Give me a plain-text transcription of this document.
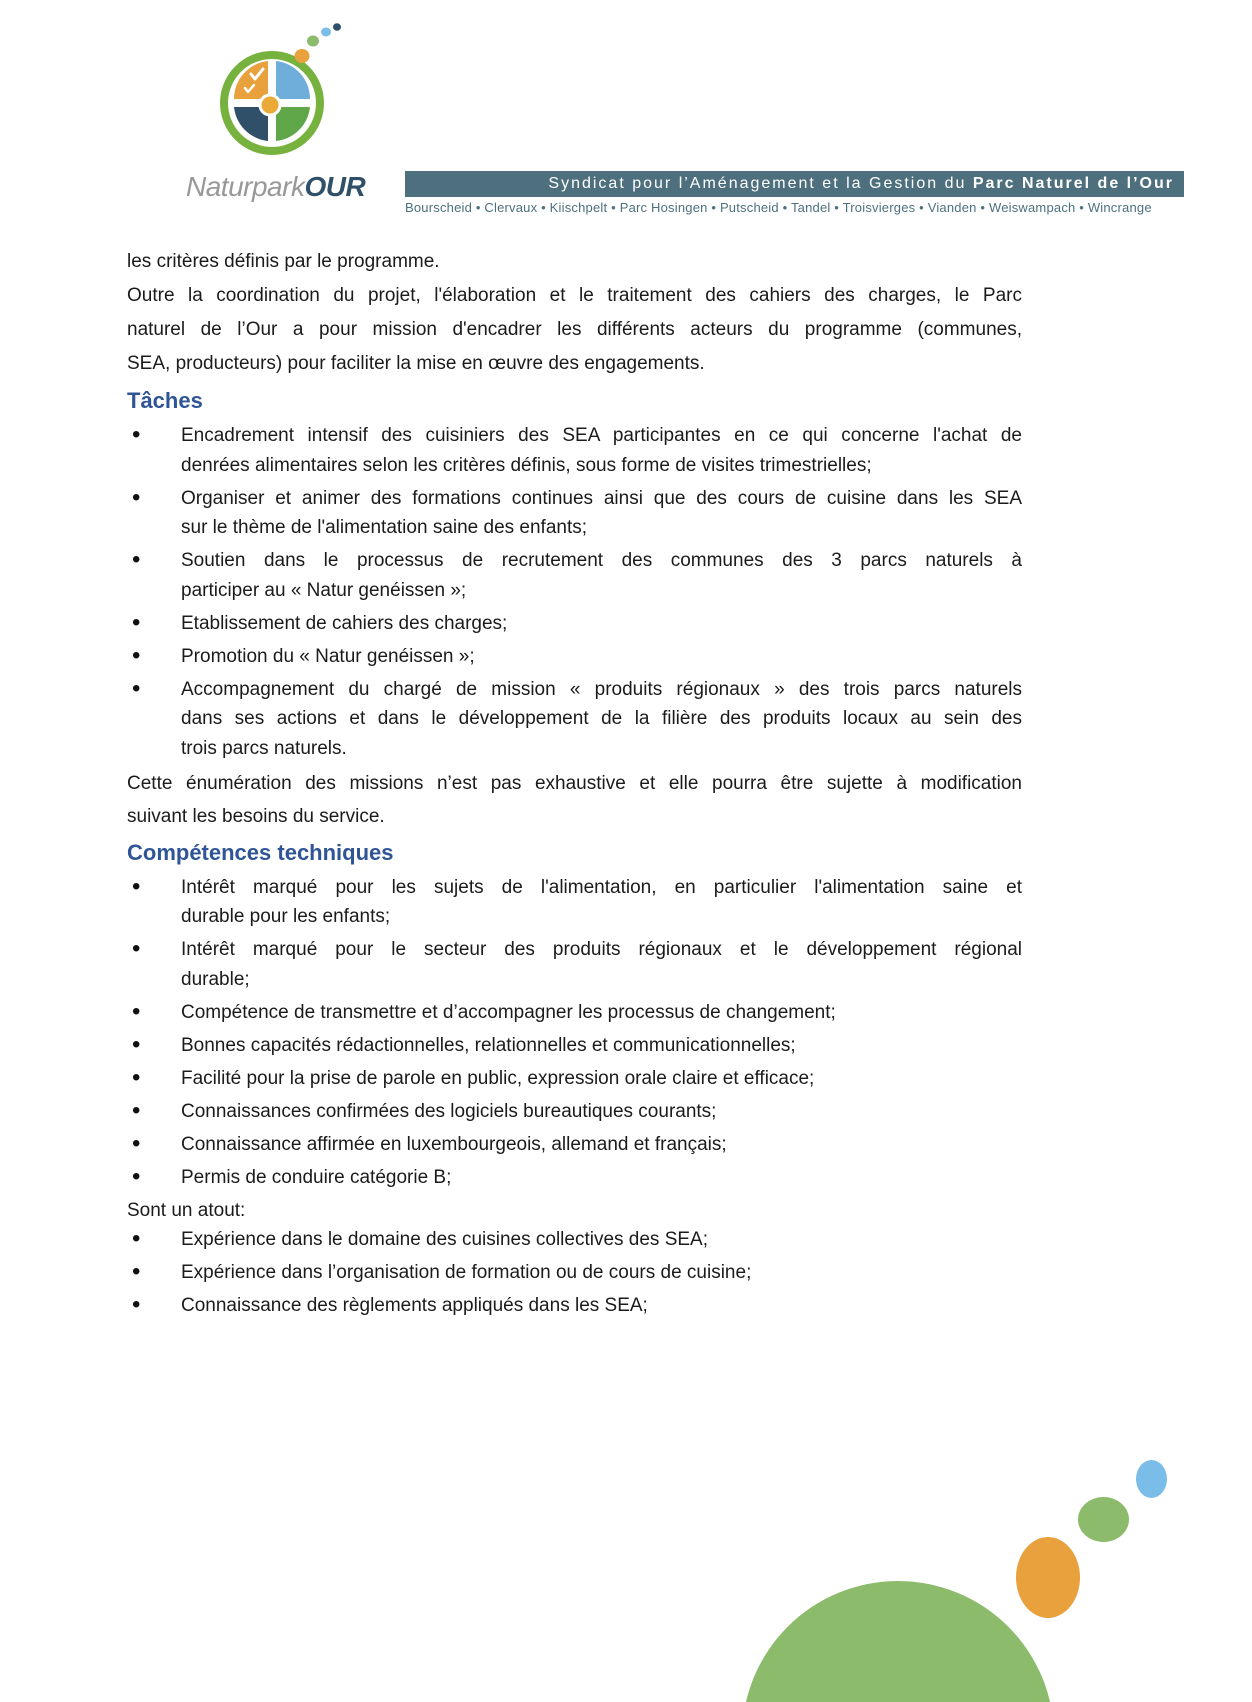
NaturparkOUR	Syndicat pour l’Aménagement et la Gestion du Parc Naturel de l’Our
Bourscheid • Clervaux • Kiischpelt • Parc Hosingen • Putscheid • Tandel • Troisvierges • Vianden • Weiswampach • Wincrange

les critères définis par le programme.

Outre la coordination du projet, l'élaboration et le traitement des cahiers des charges, le Parc
naturel de l’Our a pour mission d'encadrer les différents acteurs du programme (communes,
SEA, producteurs) pour faciliter la mise en œuvre des engagements.

Tâches
• Encadrement intensif des cuisiniers des SEA participantes en ce qui concerne l'achat de
denrées alimentaires selon les critères définis, sous forme de visites trimestrielles;
• Organiser et animer des formations continues ainsi que des cours de cuisine dans les SEA
sur le thème de l'alimentation saine des enfants;
• Soutien dans le processus de recrutement des communes des 3 parcs naturels à
participer au « Natur genéissen »;
• Etablissement de cahiers des charges;
• Promotion du « Natur genéissen »;
• Accompagnement du chargé de mission « produits régionaux » des trois parcs naturels
dans ses actions et dans le développement de la filière des produits locaux au sein des
trois parcs naturels.

Cette énumération des missions n’est pas exhaustive et elle pourra être sujette à modification
suivant les besoins du service.

Compétences techniques
• Intérêt marqué pour les sujets de l'alimentation, en particulier l'alimentation saine et
durable pour les enfants;
• Intérêt marqué pour le secteur des produits régionaux et le développement régional
durable;
• Compétence de transmettre et d’accompagner les processus de changement;
• Bonnes capacités rédactionnelles, relationnelles et communicationnelles;
• Facilité pour la prise de parole en public, expression orale claire et efficace;
• Connaissances confirmées des logiciels bureautiques courants;
• Connaissance affirmée en luxembourgeois, allemand et français;
• Permis de conduire catégorie B;

Sont un atout:

• Expérience dans le domaine des cuisines collectives des SEA;
• Expérience dans l’organisation de formation ou de cours de cuisine;
• Connaissance des règlements appliqués dans les SEA;
